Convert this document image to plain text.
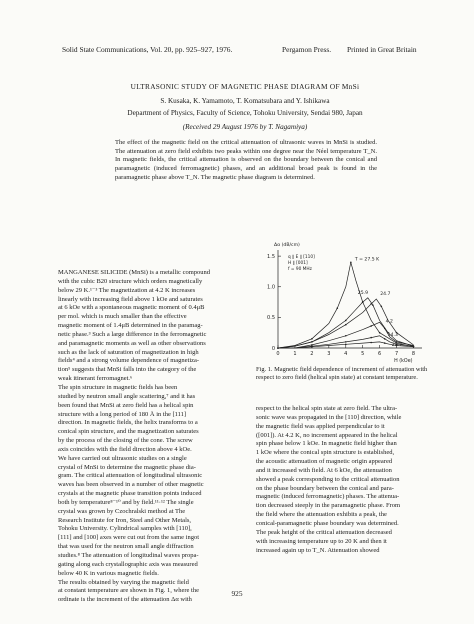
Solid State Communications, Vol. 20, pp. 925–927, 1976.	Pergamon Press. Printed in Great Britain
ULTRASONIC STUDY OF MAGNETIC PHASE DIAGRAM OF MnSi
S. Kusaka, K. Yamamoto, T. Komatsubara and Y. Ishikawa
Department of Physics, Faculty of Science, Tohoku University, Sendai 980, Japan
(Received 29 August 1976 by T. Nagamiya)
The effect of the magnetic field on the critical attenuation of ultrasonic waves in MnSi is studied. The attenuation at zero field exhibits two peaks within one degree near the Néel temperature T_N. In magnetic fields, the critical attenuation is observed on the boundary between the conical and paramagnetic (induced ferromagnetic) phases, and an additional broad peak is found in the paramagnetic phase above T_N. The magnetic phase diagram is determined.
MANGANESE SILICIDE (MnSi) is a metallic compound
with the cubic B20 structure which orders magnetically
below 29 K.¹⁻³ The magnetization at 4.2 K increases
linearly with increasing field above 1 kOe and saturates
at 6 kOe with a spontaneous magnetic moment of 0.4μB
per mol. which is much smaller than the effective
magnetic moment of 1.4μB determined in the paramag-
netic phase.³ Such a large difference in the ferromagnetic
and paramagnetic moments as well as other observations
such as the lack of saturation of magnetization in high
fields⁴ and a strong volume dependence of magnetiza-
tion⁵ suggests that MnSi falls into the category of the
weak itinerant ferromagnet.⁶
The spin structure in magnetic fields has been
studied by neutron small angle scattering,⁷ and it has
been found that MnSi at zero field has a helical spin
structure with a long period of 180 Å in the [111]
direction. In magnetic fields, the helix transforms to a
conical spin structure, and the magnetization saturates
by the process of the closing of the cone. The screw
axis coincides with the field direction above 4 kOe.
We have carried out ultrasonic studies on a single
crystal of MnSi to determine the magnetic phase dia-
gram. The critical attenuation of longitudinal ultrasonic
waves has been observed in a number of other magnetic
crystals at the magnetic phase transition points induced
both by temperature⁸⁻¹⁰ and by field.¹¹·¹² The single
crystal was grown by Czochralski method at The
Research Institute for Iron, Steel and Other Metals,
Tohoku University. Cylindrical samples with [110],
[111] and [100] axes were cut out from the same ingot
that was used for the neutron small angle diffraction
studies.⁸ The attenuation of longitudinal waves propa-
gating along each crystallographic axis was measured
below 40 K in various magnetic fields.
The results obtained by varying the magnetic field
at constant temperature are shown in Fig. 1, where the
ordinate is the increment of the attenuation Δα with
1.5
1.0
0.5
0
0	1	2	3	4	5	6	7	8
Δα (dB/cm)
H (kOe)
q ∥ E ∥ [110]
H ∥ [001]
f = 90 MHz
T = 27.5 K
25.9	24.7
4.2
14.3
20.7
Fig. 1. Magnetic field dependence of increment of attenuation with respect to zero field (helical spin state) at constant temperature.
respect to the helical spin state at zero field. The ultra-
sonic wave was propagated in the [110] direction, while
the magnetic field was applied perpendicular to it
([001]). At 4.2 K, no increment appeared in the helical
spin phase below 1 kOe. In magnetic field higher than
1 kOe where the conical spin structure is established,
the acoustic attenuation of magnetic origin appeared
and it increased with field. At 6 kOe, the attenuation
showed a peak corresponding to the critical attenuation
on the phase boundary between the conical and para-
magnetic (induced ferromagnetic) phases. The attenua-
tion decreased steeply in the paramagnetic phase. From
the field where the attenuation exhibits a peak, the
conical-paramagnetic phase boundary was determined.
The peak height of the critical attenuation decreased
with increasing temperature up to 20 K and then it
increased again up to T_N. Attenuation showed
925
